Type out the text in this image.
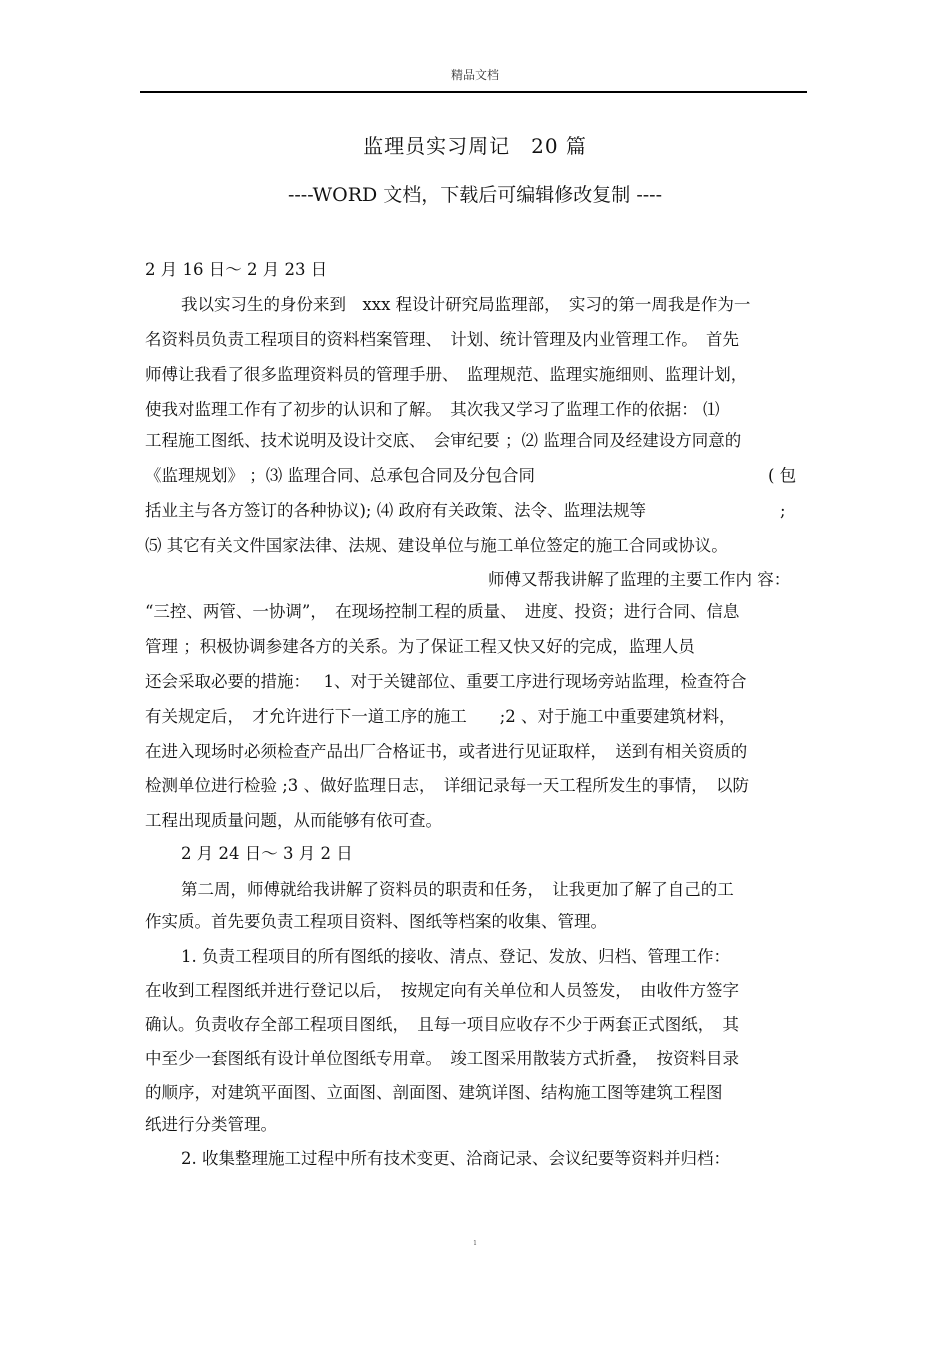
精品文档
监理员实习周记　20 篇
----WORD 文档，下载后可编辑修改复制 ----
2 月 16 日～ 2 月 23 日
我以实习生的身份来到　xxx 程设计研究局监理部，　实习的第一周我是作为一
名资料员负责工程项目的资料档案管理、　计划、统计管理及内业管理工作。　首先
师傅让我看了很多监理资料员的管理手册、　监理规范、监理实施细则、监理计划，
使我对监理工作有了初步的认识和了解。　其次我又学习了监理工作的依据： ⑴
工程施工图纸、技术说明及设计交底、　会审纪要 ；⑵ 监理合同及经建设方同意的
《监理规划》 ；⑶ 监理合同、总承包合同及分包合同	( 包
括业主与各方签订的各种协议); ⑷ 政府有关政策、法令、监理法规等	;
⑸ 其它有关文件国家法律、法规、建设单位与施工单位签定的施工合同或协议。
师傅又帮我讲解了监理的主要工作内 容：
“三控、两管、一协调”，　在现场控制工程的质量、　进度、投资；进行合同、信息
管理 ；积极协调参建各方的关系。为了保证工程又快又好的完成，监理人员
还会采取必要的措施：　 1、对于关键部位、重要工序进行现场旁站监理，检查符合
有关规定后，　才允许进行下一道工序的施工　　;2 、对于施工中重要建筑材料，
在进入现场时必须检查产品出厂合格证书，或者进行见证取样，　送到有相关资质的
检测单位进行检验 ;3 、做好监理日志，　详细记录每一天工程所发生的事情，　以防
工程出现质量问题，从而能够有依可查。
2 月 24 日～ 3 月 2 日
第二周，师傅就给我讲解了资料员的职责和任务，　让我更加了解了自己的工
作实质。首先要负责工程项目资料、图纸等档案的收集、管理。
1. 负责工程项目的所有图纸的接收、清点、登记、发放、归档、管理工作：
在收到工程图纸并进行登记以后，　按规定向有关单位和人员签发，　由收件方签字
确认。负责收存全部工程项目图纸，　且每一项目应收存不少于两套正式图纸，　其
中至少一套图纸有设计单位图纸专用章。　竣工图采用散装方式折叠，　按资料目录
的顺序，对建筑平面图、立面图、剖面图、建筑详图、结构施工图等建筑工程图
纸进行分类管理。
2. 收集整理施工过程中所有技术变更、洽商记录、会议纪要等资料并归档：
1
